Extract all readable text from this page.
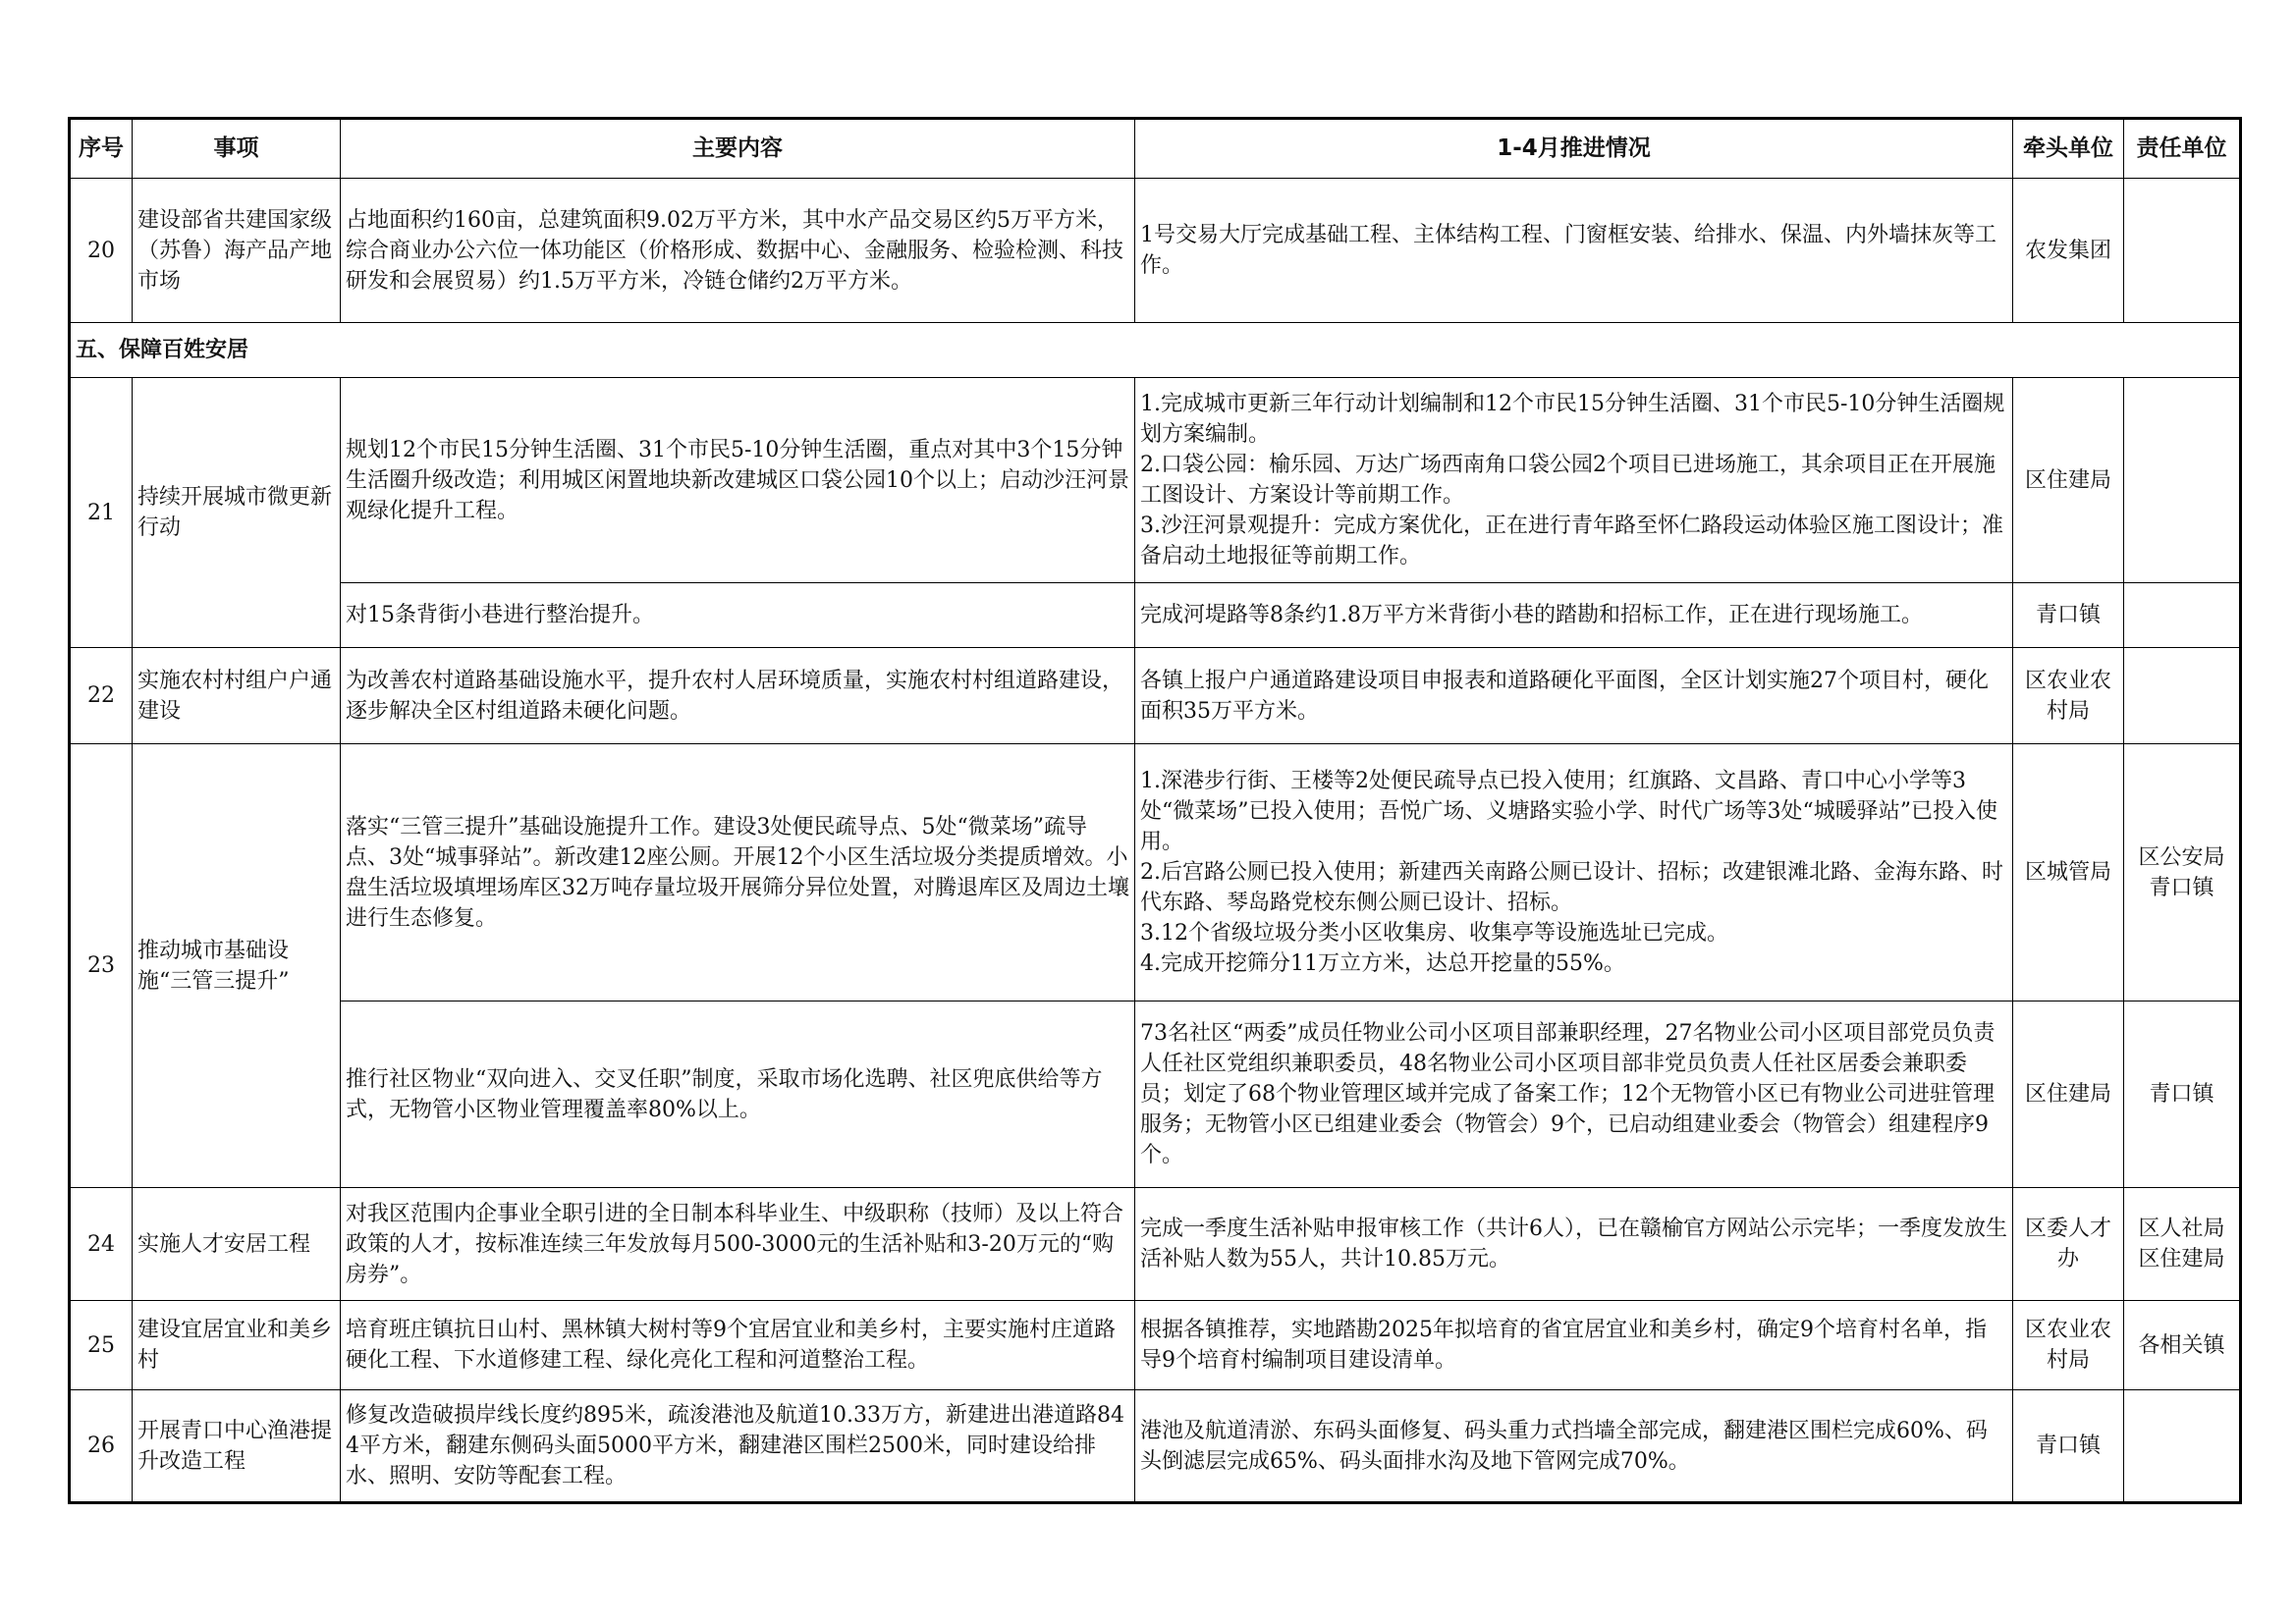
序号	事项	主要内容	1-4月推进情况	牵头单位	责任单位
20	建设部省共建国家级（苏鲁）海产品产地市场	占地面积约160亩，总建筑面积9.02万平方米，其中水产品交易区约5万平方米，综合商业办公六位一体功能区（价格形成、数据中心、金融服务、检验检测、科技研发和会展贸易）约1.5万平方米，冷链仓储约2万平方米。	1号交易大厅完成基础工程、主体结构工程、门窗框安装、给排水、保温、内外墙抹灰等工作。	农发集团	
五、保障百姓安居					
21	持续开展城市微更新行动	规划12个市民15分钟生活圈、31个市民5-10分钟生活圈，重点对其中3个15分钟生活圈升级改造；利用城区闲置地块新改建城区口袋公园10个以上；启动沙汪河景观绿化提升工程。	1.完成城市更新三年行动计划编制和12个市民15分钟生活圈、31个市民5-10分钟生活圈规划方案编制。
2.口袋公园：榆乐园、万达广场西南角口袋公园2个项目已进场施工，其余项目正在开展施工图设计、方案设计等前期工作。
3.沙汪河景观提升：完成方案优化，正在进行青年路至怀仁路段运动体验区施工图设计；准备启动土地报征等前期工作。	区住建局	
		对15条背街小巷进行整治提升。	完成河堤路等8条约1.8万平方米背街小巷的踏勘和招标工作，正在进行现场施工。	青口镇	
22	实施农村村组户户通建设	为改善农村道路基础设施水平，提升农村人居环境质量，实施农村村组道路建设，逐步解决全区村组道路未硬化问题。	各镇上报户户通道路建设项目申报表和道路硬化平面图，全区计划实施27个项目村，硬化面积35万平方米。	区农业农村局	
23	推动城市基础设施“三管三提升”	落实“三管三提升”基础设施提升工作。建设3处便民疏导点、5处“微菜场”疏导点、3处“城事驿站”。新改建12座公厕。开展12个小区生活垃圾分类提质增效。小盘生活垃圾填埋场库区32万吨存量垃圾开展筛分异位处置，对腾退库区及周边土壤进行生态修复。	1.深港步行街、王楼等2处便民疏导点已投入使用；红旗路、文昌路、青口中心小学等3处“微菜场”已投入使用；吾悦广场、义塘路实验小学、时代广场等3处“城暖驿站”已投入使用。
2.后宫路公厕已投入使用；新建西关南路公厕已设计、招标；改建银滩北路、金海东路、时代东路、琴岛路党校东侧公厕已设计、招标。
3.12个省级垃圾分类小区收集房、收集亭等设施选址已完成。
4.完成开挖筛分11万立方米，达总开挖量的55%。	区城管局	区公安局
青口镇

		推行社区物业“双向进入、交叉任职”制度，采取市场化选聘、社区兜底供给等方式，无物管小区物业管理覆盖率80%以上。	73名社区“两委”成员任物业公司小区项目部兼职经理，27名物业公司小区项目部党员负责人任社区党组织兼职委员，48名物业公司小区项目部非党员负责人任社区居委会兼职委员；划定了68个物业管理区域并完成了备案工作；12个无物管小区已有物业公司进驻管理服务；无物管小区已组建业委会（物管会）9个，已启动组建业委会（物管会）组建程序9个。	区住建局	青口镇
24	实施人才安居工程	对我区范围内企事业全职引进的全日制本科毕业生、中级职称（技师）及以上符合政策的人才，按标准连续三年发放每月500-3000元的生活补贴和3-20万元的“购房券”。	完成一季度生活补贴申报审核工作（共计6人），已在赣榆官方网站公示完毕；一季度发放生活补贴人数为55人，共计10.85万元。	区委人才办	区人社局
区住建局

25	建设宜居宜业和美乡村	培育班庄镇抗日山村、黑林镇大树村等9个宜居宜业和美乡村，主要实施村庄道路硬化工程、下水道修建工程、绿化亮化工程和河道整治工程。	根据各镇推荐，实地踏勘2025年拟培育的省宜居宜业和美乡村，确定9个培育村名单，指导9个培育村编制项目建设清单。	区农业农村局	各相关镇
26	开展青口中心渔港提升改造工程	修复改造破损岸线长度约895米，疏浚港池及航道10.33万方，新建进出港道路844平方米，翻建东侧码头面5000平方米，翻建港区围栏2500米，同时建设给排水、照明、安防等配套工程。	港池及航道清淤、东码头面修复、码头重力式挡墙全部完成，翻建港区围栏完成60%、码头倒滤层完成65%、码头面排水沟及地下管网完成70%。	青口镇	
